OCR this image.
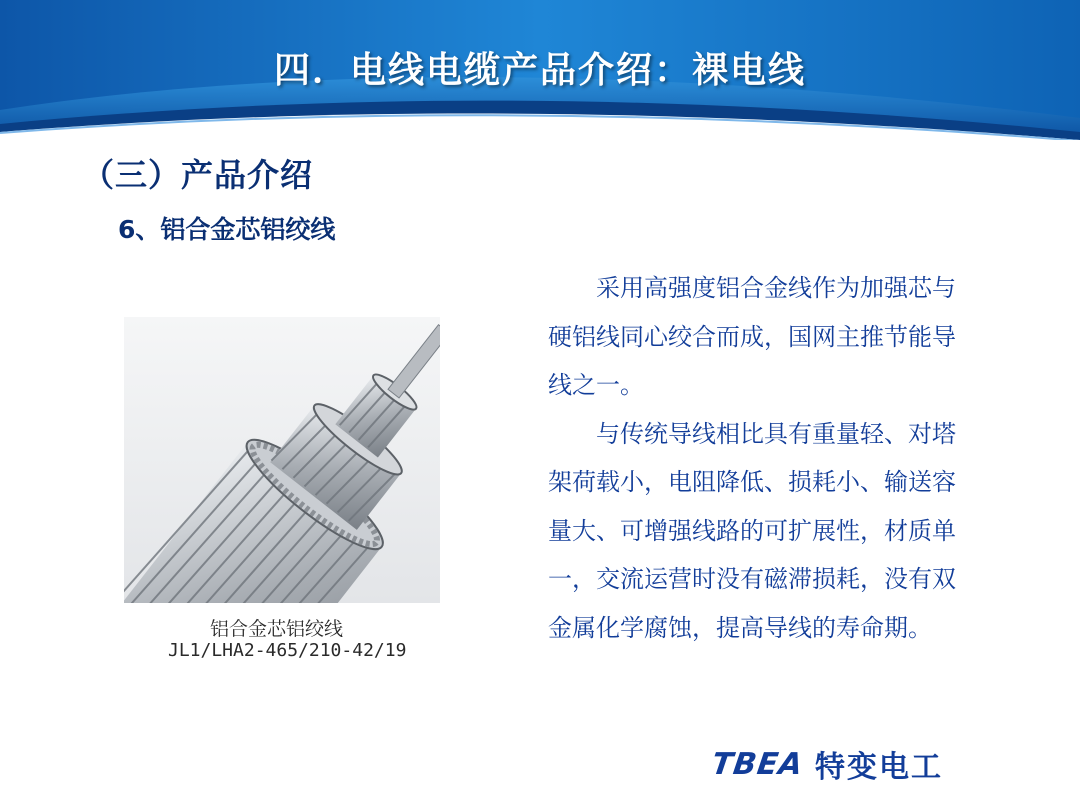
四．电线电缆产品介绍：裸电线
（三）产品介绍
6、铝合金芯铝绞线
铝合金芯铝绞线
JL1/LHA2-465/210-42/19

采用高强度铝合金线作为加强芯与硬铝线同心绞合而成，国网主推节能导线之一。

与传统导线相比具有重量轻、对塔架荷载小，电阻降低、损耗小、输送容量大、可增强线路的可扩展性，材质单一，交流运营时没有磁滞损耗，没有双金属化学腐蚀，提高导线的寿命期。

TBEA 特变电工
